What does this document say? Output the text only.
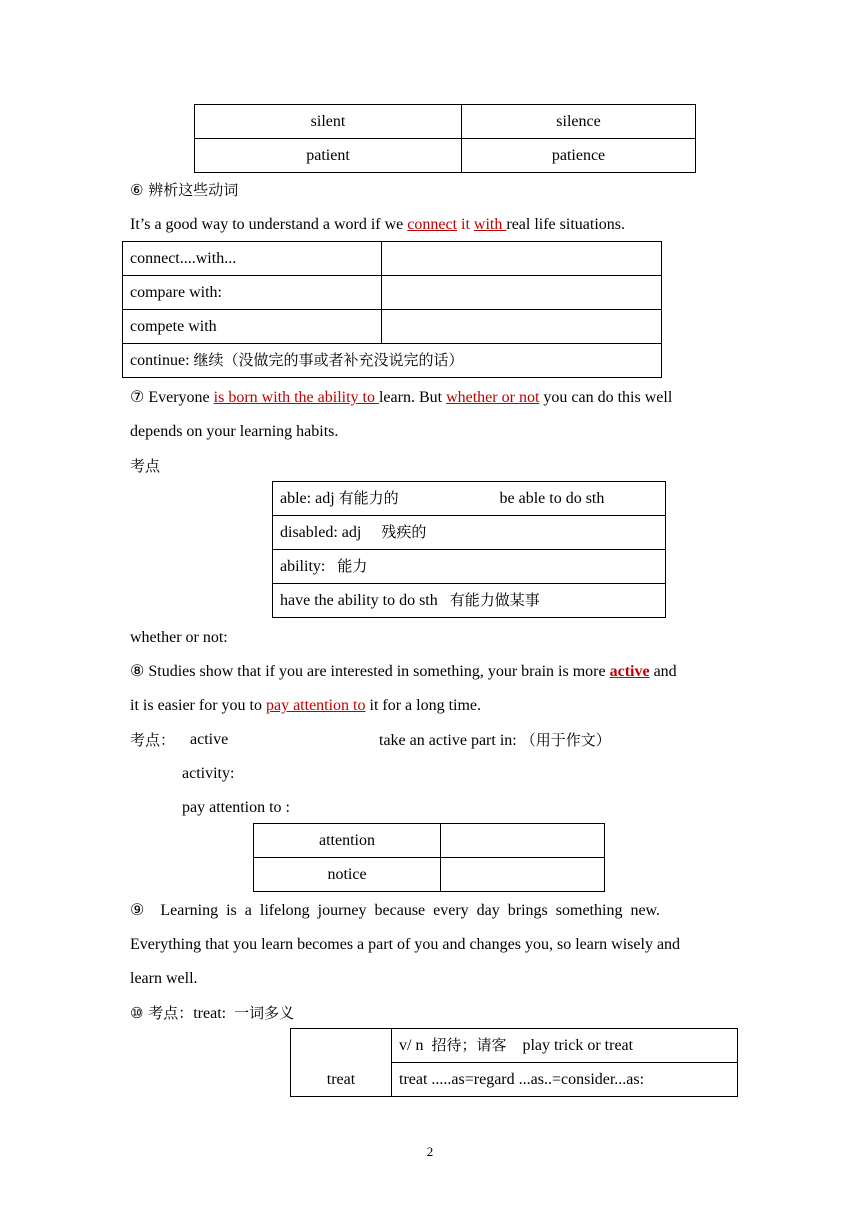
silent	silence
patient	patience
⑥ 辨析这些动词
It’s a good way to understand a word if we connect it with real life situations.
connect....with...	
compare with:	
compete with	
continue: 继续（没做完的事或者补充没说完的话）	
⑦ Everyone is born with the ability to learn. But whether or not you can do this well
depends on your learning habits.
考点
able: adj 有能力的	be able to do sth

disabled: adj     残疾的
ability:   能力
have the ability to do sth   有能力做某事
whether or not:
⑧ Studies show that if you are interested in something, your brain is more active and
it is easier for you to pay attention to it for a long time.
考点： active	take an active part in: （用于作文）
activity:
pay attention to :
attention	
notice	
⑨    Learning  is  a  lifelong  journey  because  every  day  brings  something  new.
Everything that you learn becomes a part of you and changes you, so learn wisely and
learn well.
⑩ 考点：treat:  一词多义
treat	v/ n  招待；请客    play trick or treat
treat .....as=regard ...as..=consider...as:
2
